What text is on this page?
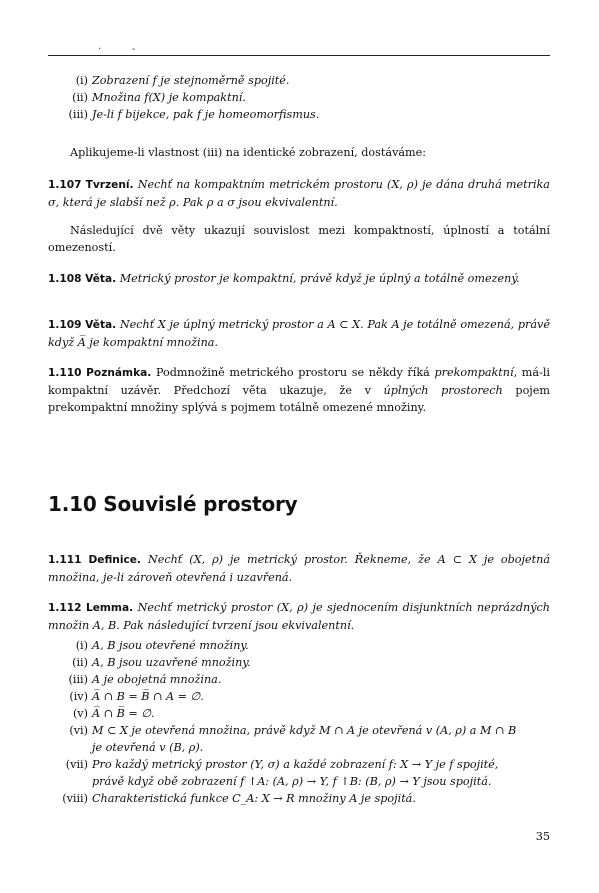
·	-
(i) Zobrazení f je stejnoměrně spojité.
(ii) Množina f(X) je kompaktní.
(iii) Je-li f bijekce, pak f je homeomorfismus.
Aplikujeme-li vlastnost (iii) na identické zobrazení, dostáváme:
1.107 Tvrzení. Nechť na kompaktním metrickém prostoru (X, ρ) je dána druhá metrika σ, která je slabší než ρ. Pak ρ a σ jsou ekvivalentní.
Následující dvě věty ukazují souvislost mezi kompaktností, úplností a totální omezeností.
1.108 Věta. Metrický prostor je kompaktní, právě když je úplný a totálně omezený.
1.109 Věta. Nechť X je úplný metrický prostor a A ⊂ X. Pak A je totálně omezená, právě když A̅ je kompaktní množina.
1.110 Poznámka. Podmnožině metrického prostoru se někdy říká prekompaktní, má-li kompaktní uzávěr. Předchozí věta ukazuje, že v úplných prostorech pojem prekompaktní množiny splývá s pojmem totálně omezené množiny.
1.10 Souvislé prostory
1.111 Definice. Nechť (X, ρ) je metrický prostor. Řekneme, že A ⊂ X je obojetná množina, je-li zároveň otevřená i uzavřená.
1.112 Lemma. Nechť metrický prostor (X, ρ) je sjednocením disjunktních neprázdných množin A, B. Pak následující tvrzení jsou ekvivalentní.
(i) A, B jsou otevřené množiny.
(ii) A, B jsou uzavřené množiny.
(iii) A je obojetná množina.
(iv) A̅ ∩ B = B̅ ∩ A = ∅.
(v) A̅ ∩ B̅ = ∅.
(vi) M ⊂ X je otevřená množina, právě když M ∩ A je otevřená v (A, ρ) a M ∩ B
je otevřená v (B, ρ).
(vii) Pro každý metrický prostor (Y, σ) a každé zobrazení f: X → Y je f spojité,
právě když obě zobrazení f ↾A: (A, ρ) → Y, f ↾B: (B, ρ) → Y jsou spojitá.
(viii) Charakteristická funkce C_A: X → R množiny A je spojitá.
35
